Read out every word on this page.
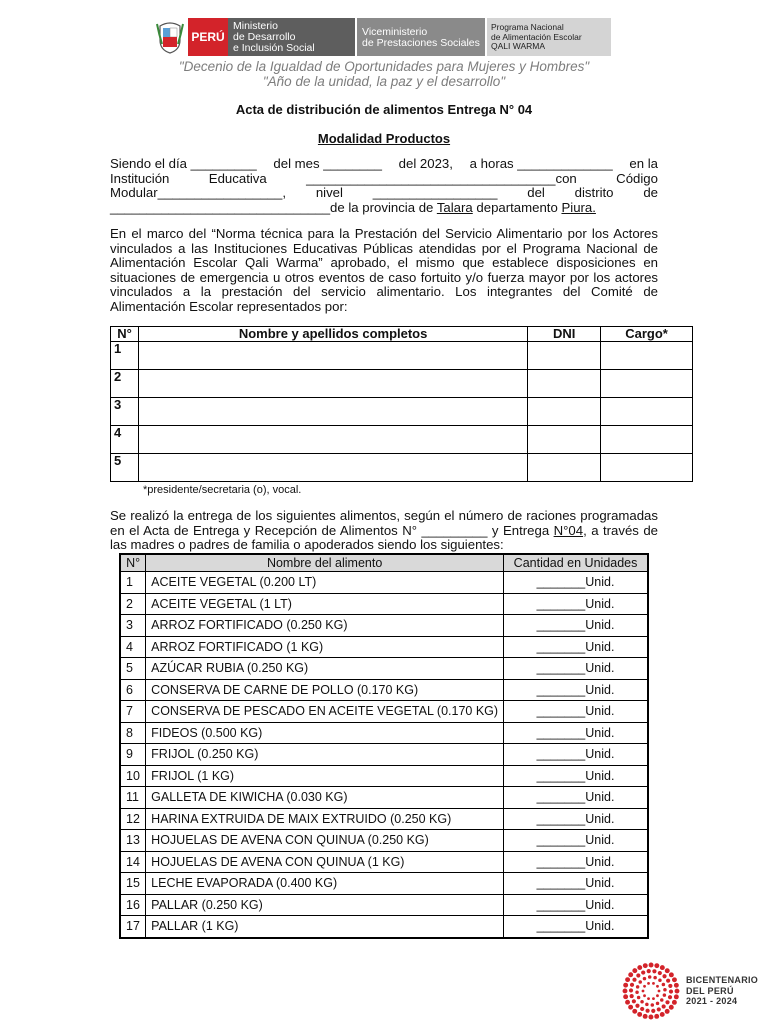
PERÚ
Ministerio
de Desarrollo
e Inclusión Social
Viceministerio
de Prestaciones Sociales
Programa Nacional
de Alimentación Escolar
QALI WARMA
"Decenio de la Igualdad de Oportunidades para Mujeres y Hombres"
"Año de la unidad, la paz y el desarrollo"
Acta de distribución de alimentos Entrega N° 04
Modalidad Productos
Siendo el día _________ del mes ________ del 2023, a horas _____________ en la
Institución	Educativa	__________________________________con	Código
Modular_________________, nivel _________________ del distrito de
______________________________de la provincia de Talara departamento Piura.
En el marco del “Norma técnica para la Prestación del Servicio Alimentario por los Actores vinculados a las Instituciones Educativas Públicas atendidas por el Programa Nacional de Alimentación Escolar Qali Warma” aprobado, el mismo que establece disposiciones en situaciones de emergencia u otros eventos de caso fortuito y/o fuerza mayor por los actores vinculados a la prestación del servicio alimentario. Los integrantes del Comité de Alimentación Escolar representados por:
N°	Nombre y apellidos completos	DNI	Cargo*
1			
2			
3			
4			
5			
*presidente/secretaria (o), vocal.
Se realizó la entrega de los siguientes alimentos, según el número de raciones programadas en el Acta de Entrega y Recepción de Alimentos N° _________ y Entrega N°04, a través de las madres o padres de familia o apoderados siendo los siguientes:
N°	Nombre del alimento	Cantidad en Unidades
1	ACEITE VEGETAL (0.200 LT)	_______Unid.
2	ACEITE VEGETAL (1 LT)	_______Unid.
3	ARROZ FORTIFICADO (0.250 KG)	_______Unid.
4	ARROZ FORTIFICADO (1 KG)	_______Unid.
5	AZÚCAR RUBIA (0.250 KG)	_______Unid.
6	CONSERVA DE CARNE DE POLLO (0.170 KG)	_______Unid.
7	CONSERVA DE PESCADO EN ACEITE VEGETAL (0.170 KG)	_______Unid.
8	FIDEOS (0.500 KG)	_______Unid.
9	FRIJOL (0.250 KG)	_______Unid.
10	FRIJOL (1 KG)	_______Unid.
11	GALLETA DE KIWICHA (0.030 KG)	_______Unid.
12	HARINA EXTRUIDA DE MAIX EXTRUIDO (0.250 KG)	_______Unid.
13	HOJUELAS DE AVENA CON QUINUA (0.250 KG)	_______Unid.
14	HOJUELAS DE AVENA CON QUINUA (1 KG)	_______Unid.
15	LECHE EVAPORADA (0.400 KG)	_______Unid.
16	PALLAR (0.250 KG)	_______Unid.
17	PALLAR (1 KG)	_______Unid.
BICENTENARIO
DEL PERÚ
2021 - 2024
